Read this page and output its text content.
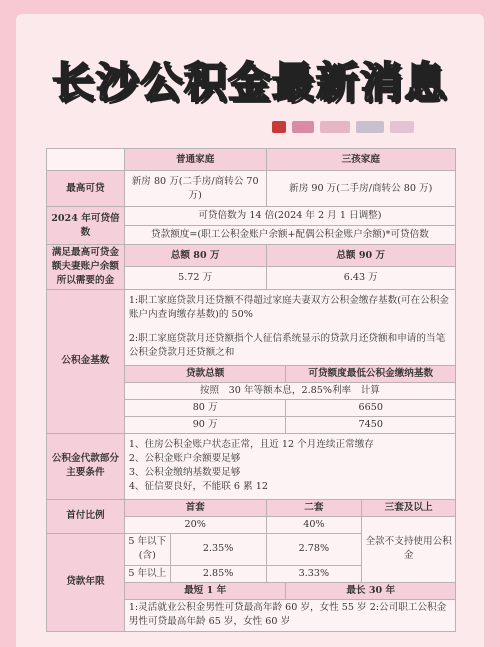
长沙公积金最新消息
	普通家庭		三孩家庭		
最高可贷	新房 80 万(二手房/商转公 70 万)		新房 90 万(二手房/商转公 80 万)		
2024 年可贷倍数	可贷倍数为 14 倍(2024 年 2 月 1 日调整)				
	贷款额度=(职工公积金账户余额+配偶公积金账户余额)*可贷倍数				
满足最高可贷金额夫妻账户余额所以需要的金	总额 80 万		总额 90 万		
	5.72 万		6.43 万		
公积金基数	1:职工家庭贷款月还贷额不得超过家庭夫妻双方公积金缴存基数(可在公积金账户内查询缴存基数)的 50%
2:职工家庭贷款月还贷额指个人征信系统显示的贷款月还贷额和申请的当笔公积金贷款月还贷额之和				

	贷款总额			可贷额度最低公积金缴纳基数	
	按照　30 年等额本息，2.85%利率　计算				
	80 万			6650	
	90 万			7450	
公积金代款部分主要条件	1、住房公积金账户状态正常，且近 12 个月连续正常缴存
2、公积金账户余额要足够
3、公积金缴纳基数要足够
4、征信要良好，不能联 6 累 12				

首付比例	首套		二套		三套及以上
	20%		40%		全款不支持使用公积金
贷款年限	5 年以下(含)	2.35%	2.78%		
	5 年以上	2.85%	3.33%		
	最短 1 年			最长 30 年	
	1:灵活就业公积金男性可贷最高年龄 60 岁，女性 55 岁 2:公司职工公积金男性可贷最高年龄 65 岁，女性 60 岁				
